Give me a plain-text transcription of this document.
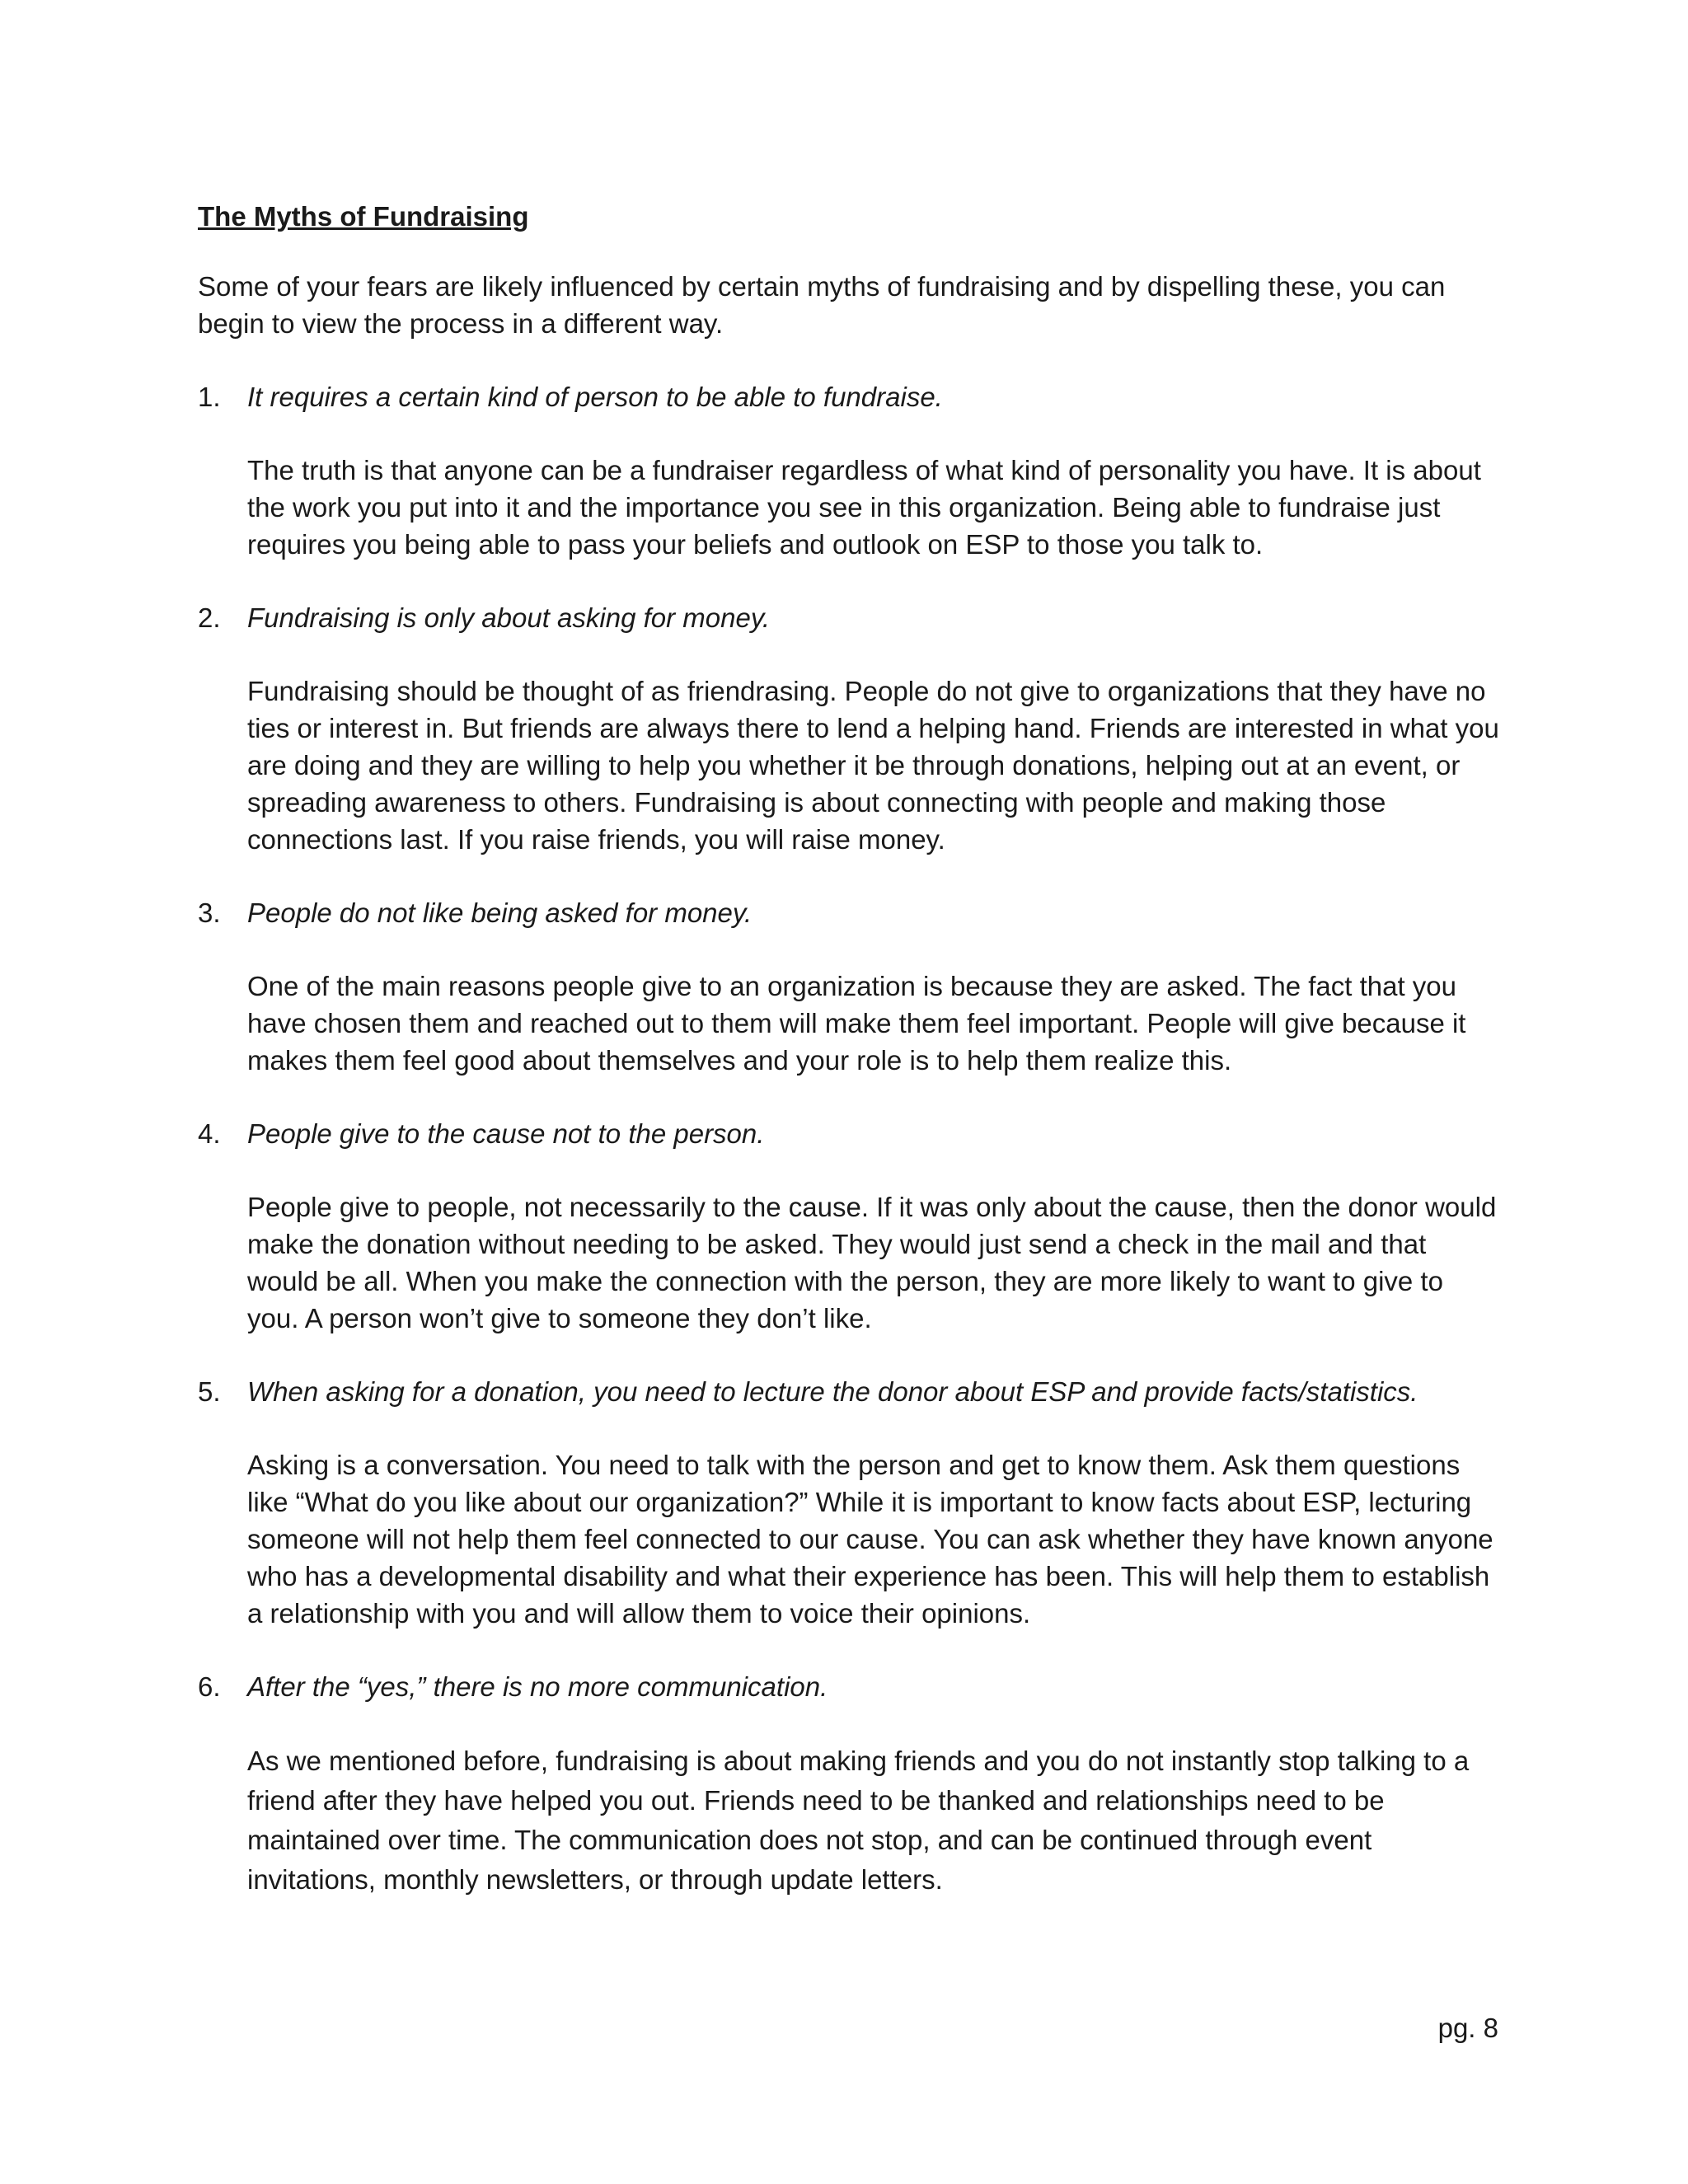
The Myths of Fundraising
Some of your fears are likely influenced by certain myths of fundraising and by dispelling these, you can begin to view the process in a different way.
1. It requires a certain kind of person to be able to fundraise.
The truth is that anyone can be a fundraiser regardless of what kind of personality you have. It is about the work you put into it and the importance you see in this organization. Being able to fundraise just requires you being able to pass your beliefs and outlook on ESP to those you talk to.
2. Fundraising is only about asking for money.
Fundraising should be thought of as friendrasing. People do not give to organizations that they have no ties or interest in. But friends are always there to lend a helping hand. Friends are interested in what you are doing and they are willing to help you whether it be through donations, helping out at an event, or spreading awareness to others. Fundraising is about connecting with people and making those connections last. If you raise friends, you will raise money.
3. People do not like being asked for money.
One of the main reasons people give to an organization is because they are asked. The fact that you have chosen them and reached out to them will make them feel important. People will give because it makes them feel good about themselves and your role is to help them realize this.
4. People give to the cause not to the person.
People give to people, not necessarily to the cause. If it was only about the cause, then the donor would make the donation without needing to be asked. They would just send a check in the mail and that would be all. When you make the connection with the person, they are more likely to want to give to you. A person won’t give to someone they don’t like.
5. When asking for a donation, you need to lecture the donor about ESP and provide facts/statistics.
Asking is a conversation. You need to talk with the person and get to know them. Ask them questions like “What do you like about our organization?” While it is important to know facts about ESP, lecturing someone will not help them feel connected to our cause. You can ask whether they have known anyone who has a developmental disability and what their experience has been. This will help them to establish a relationship with you and will allow them to voice their opinions.
6. After the “yes,” there is no more communication.
As we mentioned before, fundraising is about making friends and you do not instantly stop talking to a friend after they have helped you out. Friends need to be thanked and relationships need to be maintained over time. The communication does not stop, and can be continued through event invitations, monthly newsletters, or through update letters.
pg. 8
